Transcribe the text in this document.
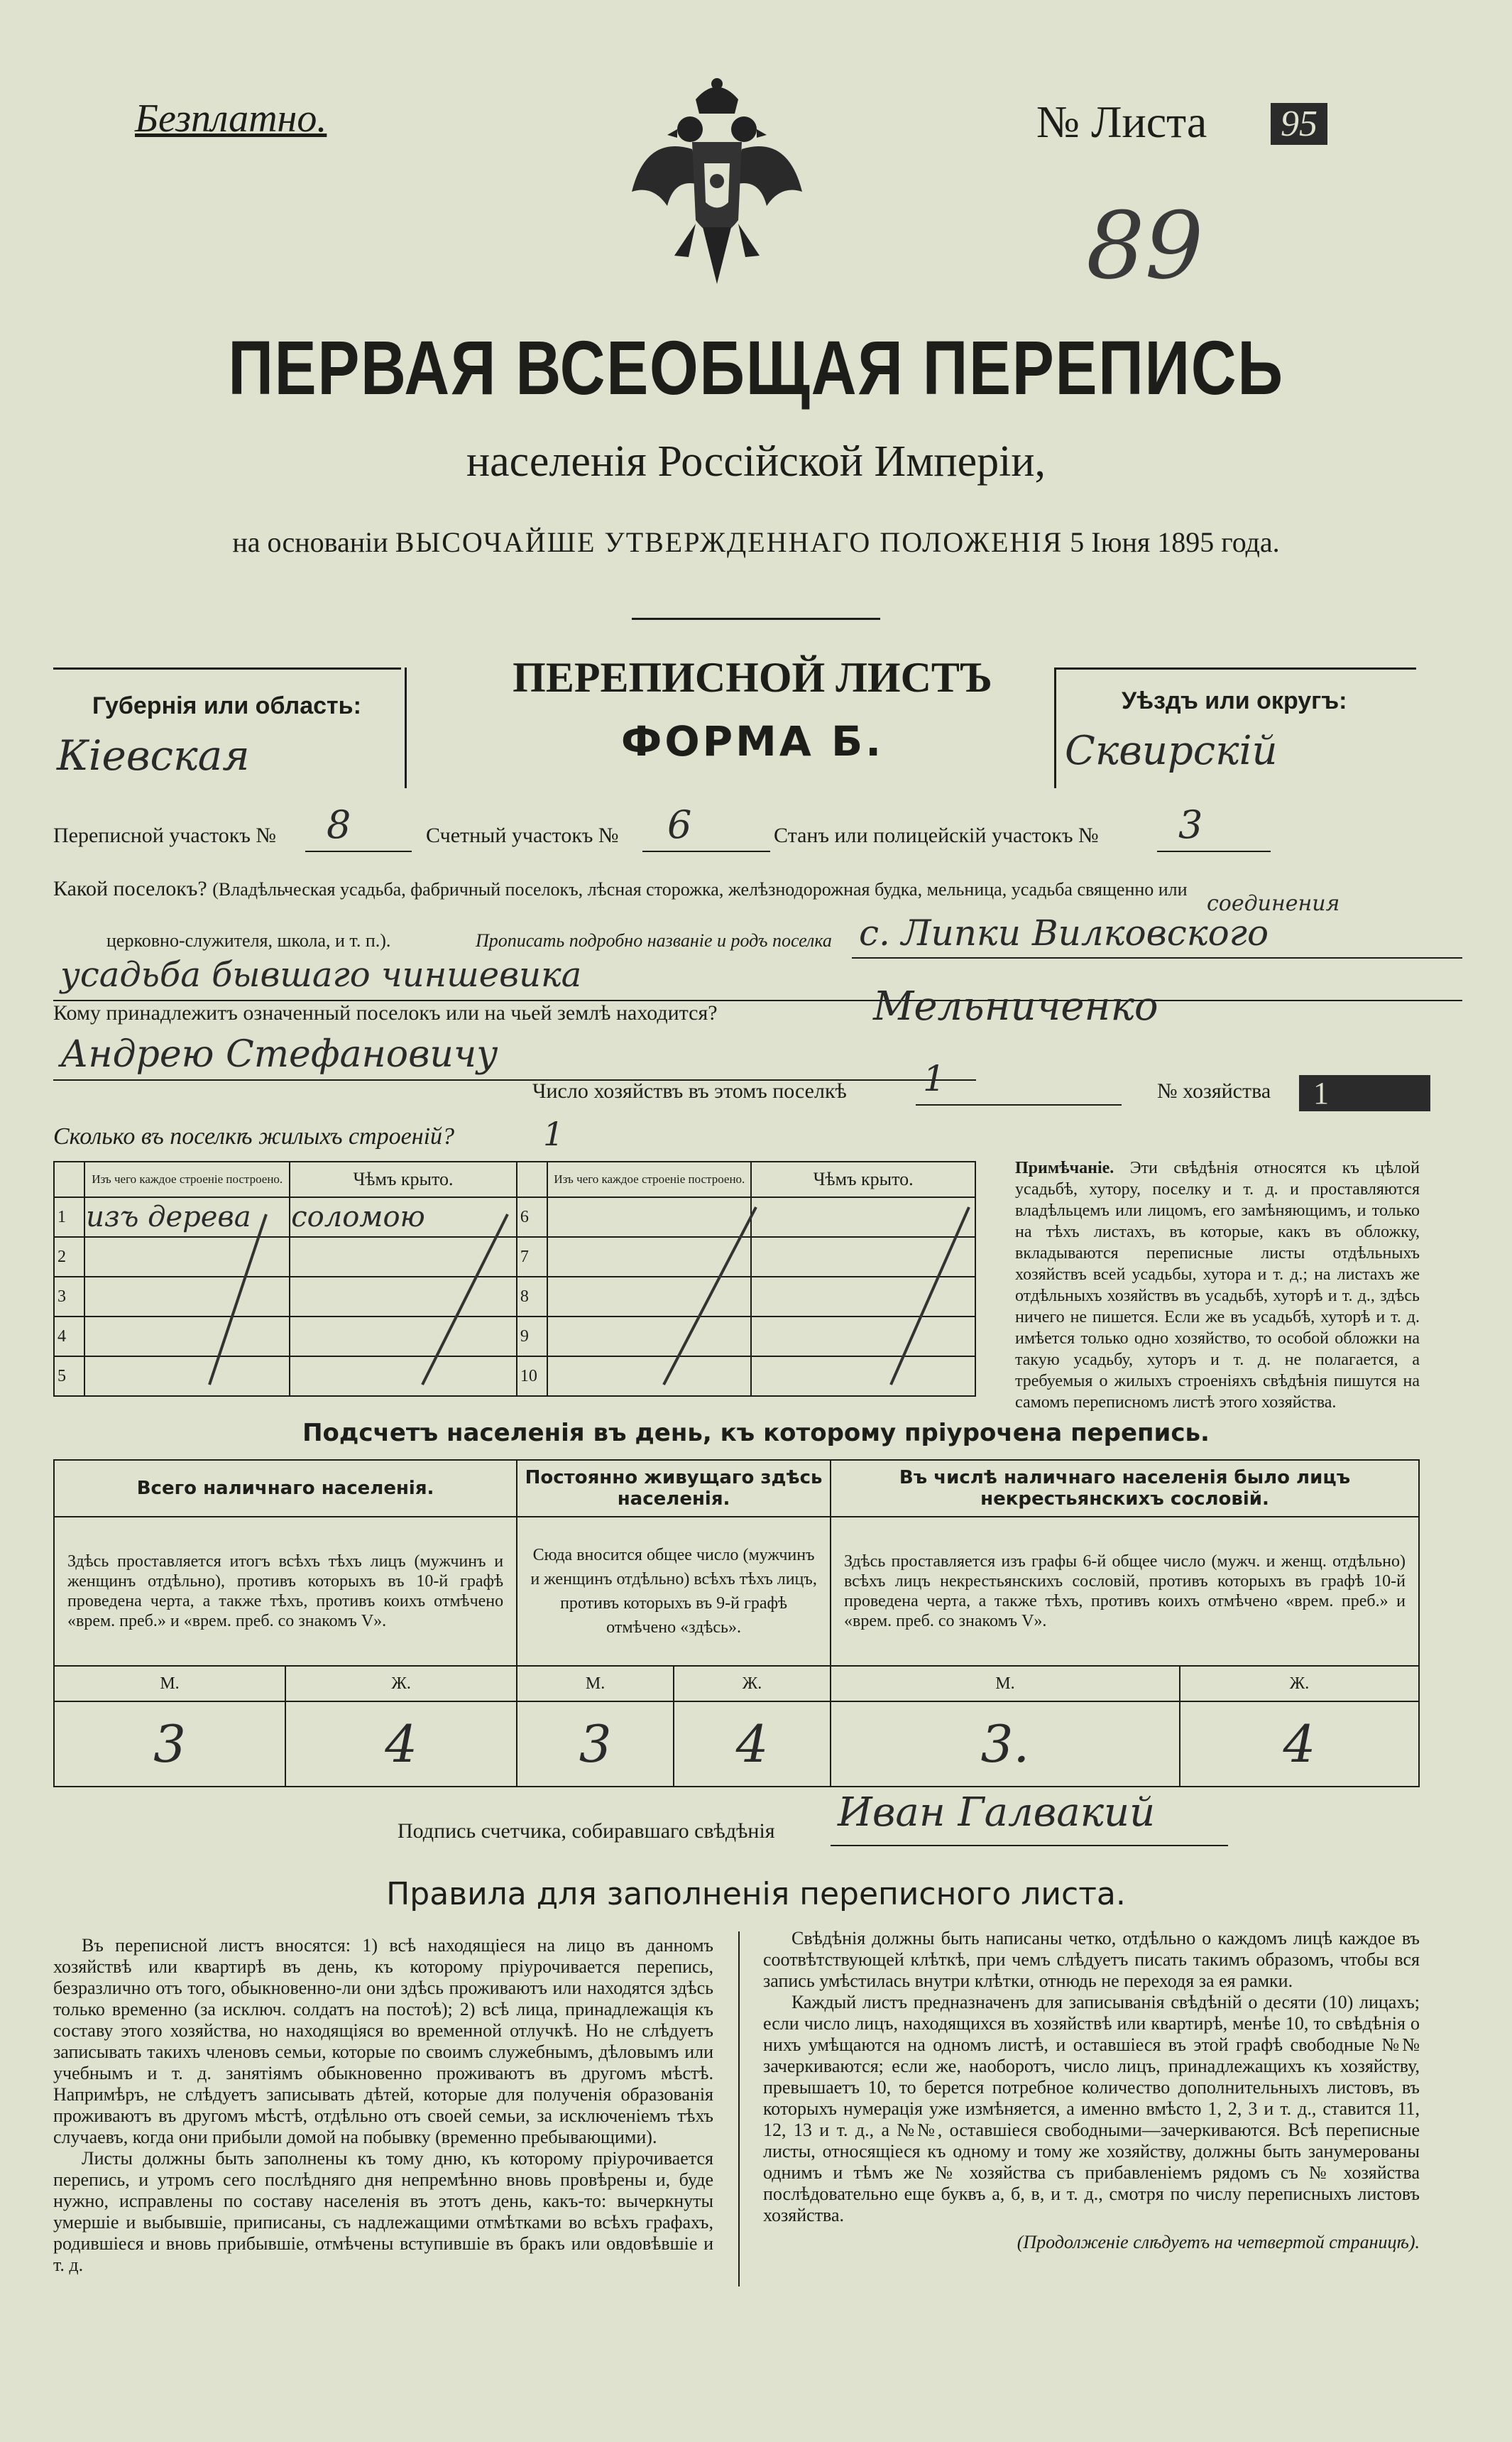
Безплатно.	№ Листа 95
89
ПЕРВАЯ ВСЕОБЩАЯ ПЕРЕПИСЬ
населенія Россійской Имперіи,
на основаніи ВЫСОЧАЙШЕ УТВЕРЖДЕННАГО ПОЛОЖЕНІЯ 5 Іюня 1895 года.
Губернія или область:
Кіевская
ПЕРЕПИСНОЙ ЛИСТЪ
ФОРМА Б.
Уѣздъ или округъ:
Сквирскій
Переписной участокъ № 8	Счетный участокъ № 6	Станъ или полицейскій участокъ № 3
Какой поселокъ? (Владѣльческая усадьба, фабричный поселокъ, лѣсная сторожка, желѣзнодорожная будка, мельница, усадьба священно или
соединения
церковно-служителя, школа, и т. п.).	Прописать подробно названіе и родъ поселка с. Липки Вилковского
усадьба бывшаго чиншевика
Кому принадлежитъ означенный поселокъ или на чьей землѣ находится?	Мельниченко
Андрею Стефановичу
Число хозяйствъ въ этомъ поселкѣ 1	№ хозяйства	1
Сколько въ поселкѣ жилыхъ строеній?	1
	Изъ чего каждое строеніе построено.	Чѣмъ крыто.		Изъ чего каждое строеніе построено.	Чѣмъ крыто.
1	изъ дерева	соломою	6		
2			7		
3			8		
4			9		
5			10		
Примѣчаніе. Эти свѣдѣнія относятся къ цѣлой усадьбѣ, хутору, поселку и т. д. и проставляются владѣльцемъ или лицомъ, его замѣняющимъ, и только на тѣхъ листахъ, въ которые, какъ въ обложку, вкладываются переписные листы отдѣльныхъ хозяйствъ всей усадьбы, хутора и т. д.; на листахъ же отдѣльныхъ хозяйствъ въ усадьбѣ, хуторѣ и т. д., здѣсь ничего не пишется. Если же въ усадьбѣ, хуторѣ и т. д. имѣется только одно хозяйство, то особой обложки на такую усадьбу, хуторъ и т. д. не полагается, а требуемыя о жилыхъ строеніяхъ свѣдѣнія пишутся на самомъ переписномъ листѣ этого хозяйства.
Подсчетъ населенія въ день, къ которому пріурочена перепись.
Всего наличнаго населенія.		Постоянно живущаго здѣсь населенія.		Въ числѣ наличнаго населенія было лицъ некрестьянскихъ сословій.	
Здѣсь проставляется итогъ всѣхъ тѣхъ лицъ (мужчинъ и женщинъ отдѣльно), противъ которыхъ въ 10-й графѣ проведена черта, а также тѣхъ, противъ коихъ отмѣчено «врем. преб.» и «врем. преб. со знакомъ V».		Сюда вносится общее число (мужчинъ и женщинъ отдѣльно) всѣхъ тѣхъ лицъ, противъ которыхъ въ 9-й графѣ отмѣчено «здѣсь».		Здѣсь проставляется изъ графы 6-й общее число (мужч. и женщ. отдѣльно) всѣхъ лицъ некрестьянскихъ сословій, противъ которыхъ въ графѣ 10-й проведена черта, а также тѣхъ, противъ коихъ отмѣчено «врем. преб.» и «врем. преб. со знакомъ V».	
М.	Ж.	М.	Ж.	М.	Ж.
3	4	3	4	3.	4
Подпись счетчика, собиравшаго свѣдѣнія Иван Галвакий
Правила для заполненія переписного листа.
Въ переписной листъ вносятся: 1) всѣ находящіеся на лицо въ данномъ хозяйствѣ или квартирѣ въ день, къ которому пріурочивается перепись, безразлично отъ того, обыкновенно-ли они здѣсь проживаютъ или находятся здѣсь только временно (за исключ. солдатъ на постоѣ); 2) всѣ лица, принадлежащія къ составу этого хозяйства, но находящіяся во временной отлучкѣ. Но не слѣдуетъ записывать такихъ членовъ семьи, которые по своимъ служебнымъ, дѣловымъ или учебнымъ и т. д. занятіямъ обыкновенно проживаютъ въ другомъ мѣстѣ. Напримѣръ, не слѣдуетъ записывать дѣтей, которые для полученія образованія проживаютъ въ другомъ мѣстѣ, отдѣльно отъ своей семьи, за исключеніемъ тѣхъ случаевъ, когда они прибыли домой на побывку (временно пребывающими).
Листы должны быть заполнены къ тому дню, къ которому пріурочивается перепись, и утромъ сего послѣдняго дня непремѣнно вновь провѣрены и, буде нужно, исправлены по составу населенія въ этотъ день, какъ-то: вычеркнуты умершіе и выбывшіе, приписаны, съ надлежащими отмѣтками во всѣхъ графахъ, родившіеся и вновь прибывшіе, отмѣчены вступившіе въ бракъ или овдовѣвшіе и т. д.
Свѣдѣнія должны быть написаны четко, отдѣльно о каждомъ лицѣ каждое въ соотвѣтствующей клѣткѣ, при чемъ слѣдуетъ писать такимъ образомъ, чтобы вся запись умѣстилась внутри клѣтки, отнюдь не переходя за ея рамки.
Каждый листъ предназначенъ для записыванія свѣдѣній о десяти (10) лицахъ; если число лицъ, находящихся въ хозяйствѣ или квартирѣ, менѣе 10, то свѣдѣнія о нихъ умѣщаются на одномъ листѣ, и оставшіеся въ этой графѣ свободные №№ зачеркиваются; если же, наоборотъ, число лицъ, принадлежащихъ къ хозяйству, превышаетъ 10, то берется потребное количество дополнительныхъ листовъ, въ которыхъ нумерація уже измѣняется, а именно вмѣсто 1, 2, 3 и т. д., ставится 11, 12, 13 и т. д., а №№, оставшіеся свободными—зачеркиваются. Всѣ переписные листы, относящіеся къ одному и тому же хозяйству, должны быть занумерованы однимъ и тѣмъ же № хозяйства съ прибавленіемъ рядомъ съ № хозяйства послѣдовательно еще буквъ а, б, в, и т. д., смотря по числу переписныхъ листовъ хозяйства.
(Продолженіе слѣдуетъ на четвертой страницѣ).
